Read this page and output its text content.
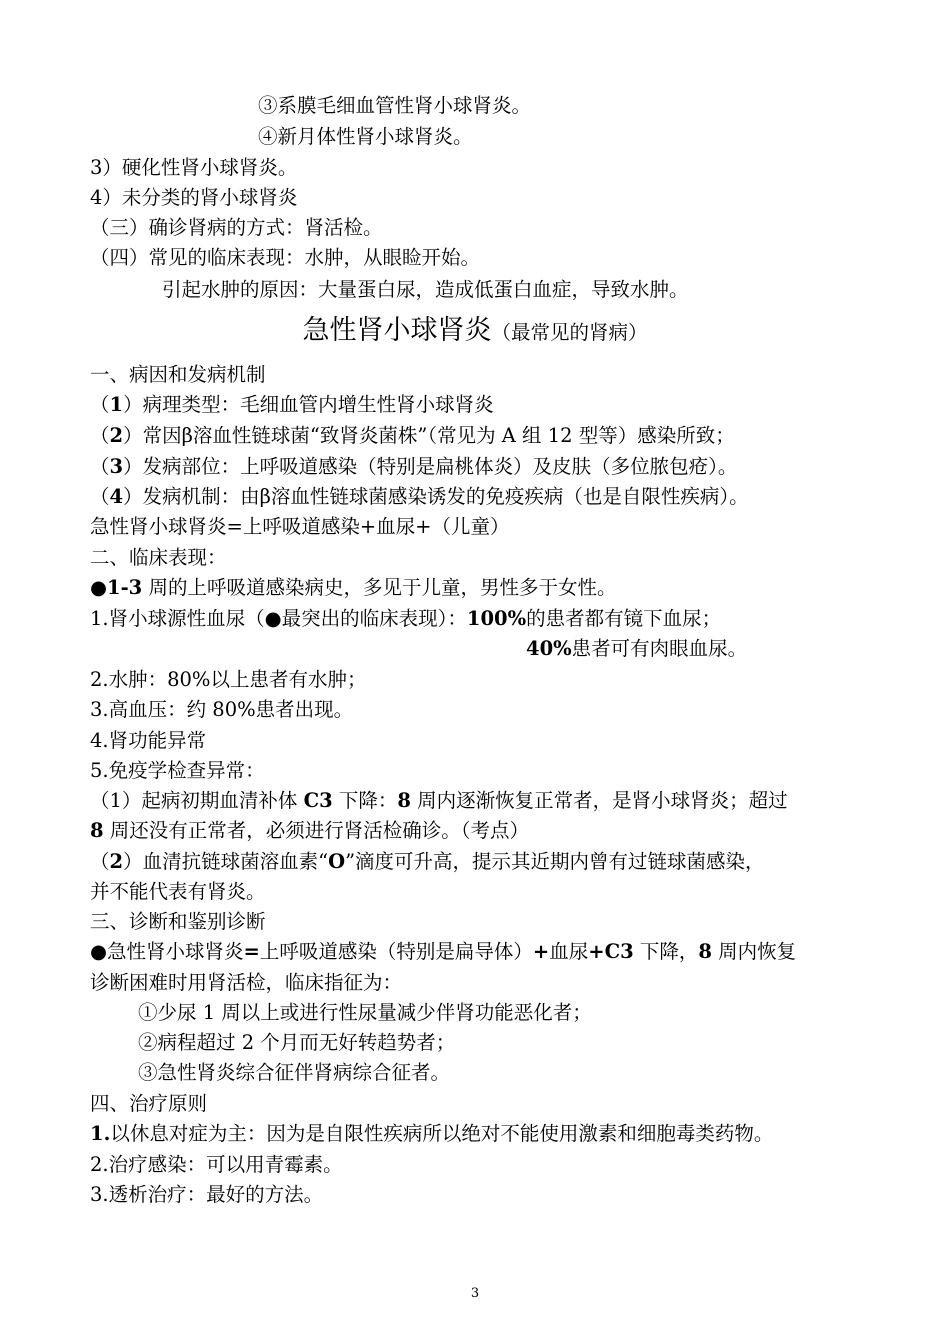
③系膜毛细血管性肾小球肾炎。
④新月体性肾小球肾炎。
3）硬化性肾小球肾炎。
4）未分类的肾小球肾炎
（三）确诊肾病的方式：肾活检。
（四）常见的临床表现：水肿，从眼睑开始。
引起水肿的原因：大量蛋白尿，造成低蛋白血症，导致水肿。
急性肾小球肾炎（最常见的肾病）
一、病因和发病机制
（1）病理类型：毛细血管内增生性肾小球肾炎
（2）常因β溶血性链球菌“致肾炎菌株”（常见为 A 组 12 型等）感染所致；
（3）发病部位：上呼吸道感染（特别是扁桃体炎）及皮肤（多位脓包疮）。
（4）发病机制：由β溶血性链球菌感染诱发的免疫疾病（也是自限性疾病）。
急性肾小球肾炎=上呼吸道感染+血尿+（儿童）
二、临床表现：
●1-3 周的上呼吸道感染病史，多见于儿童，男性多于女性。
1.肾小球源性血尿（●最突出的临床表现）：100%的患者都有镜下血尿；
40%患者可有肉眼血尿。
2.水肿：80%以上患者有水肿；
3.高血压：约 80%患者出现。
4.肾功能异常
5.免疫学检查异常：
（1）起病初期血清补体 C3 下降：8 周内逐渐恢复正常者，是肾小球肾炎；超过
8 周还没有正常者，必须进行肾活检确诊。（考点）
（2）血清抗链球菌溶血素“O”滴度可升高，提示其近期内曾有过链球菌感染，
并不能代表有肾炎。
三、诊断和鉴别诊断
●急性肾小球肾炎=上呼吸道感染（特别是扁导体）+血尿+C3 下降，8 周内恢复
诊断困难时用肾活检，临床指征为：
①少尿 1 周以上或进行性尿量减少伴肾功能恶化者；
②病程超过 2 个月而无好转趋势者；
③急性肾炎综合征伴肾病综合征者。
四、治疗原则
1.以休息对症为主：因为是自限性疾病所以绝对不能使用激素和细胞毒类药物。
2.治疗感染：可以用青霉素。
3.透析治疗：最好的方法。
3
